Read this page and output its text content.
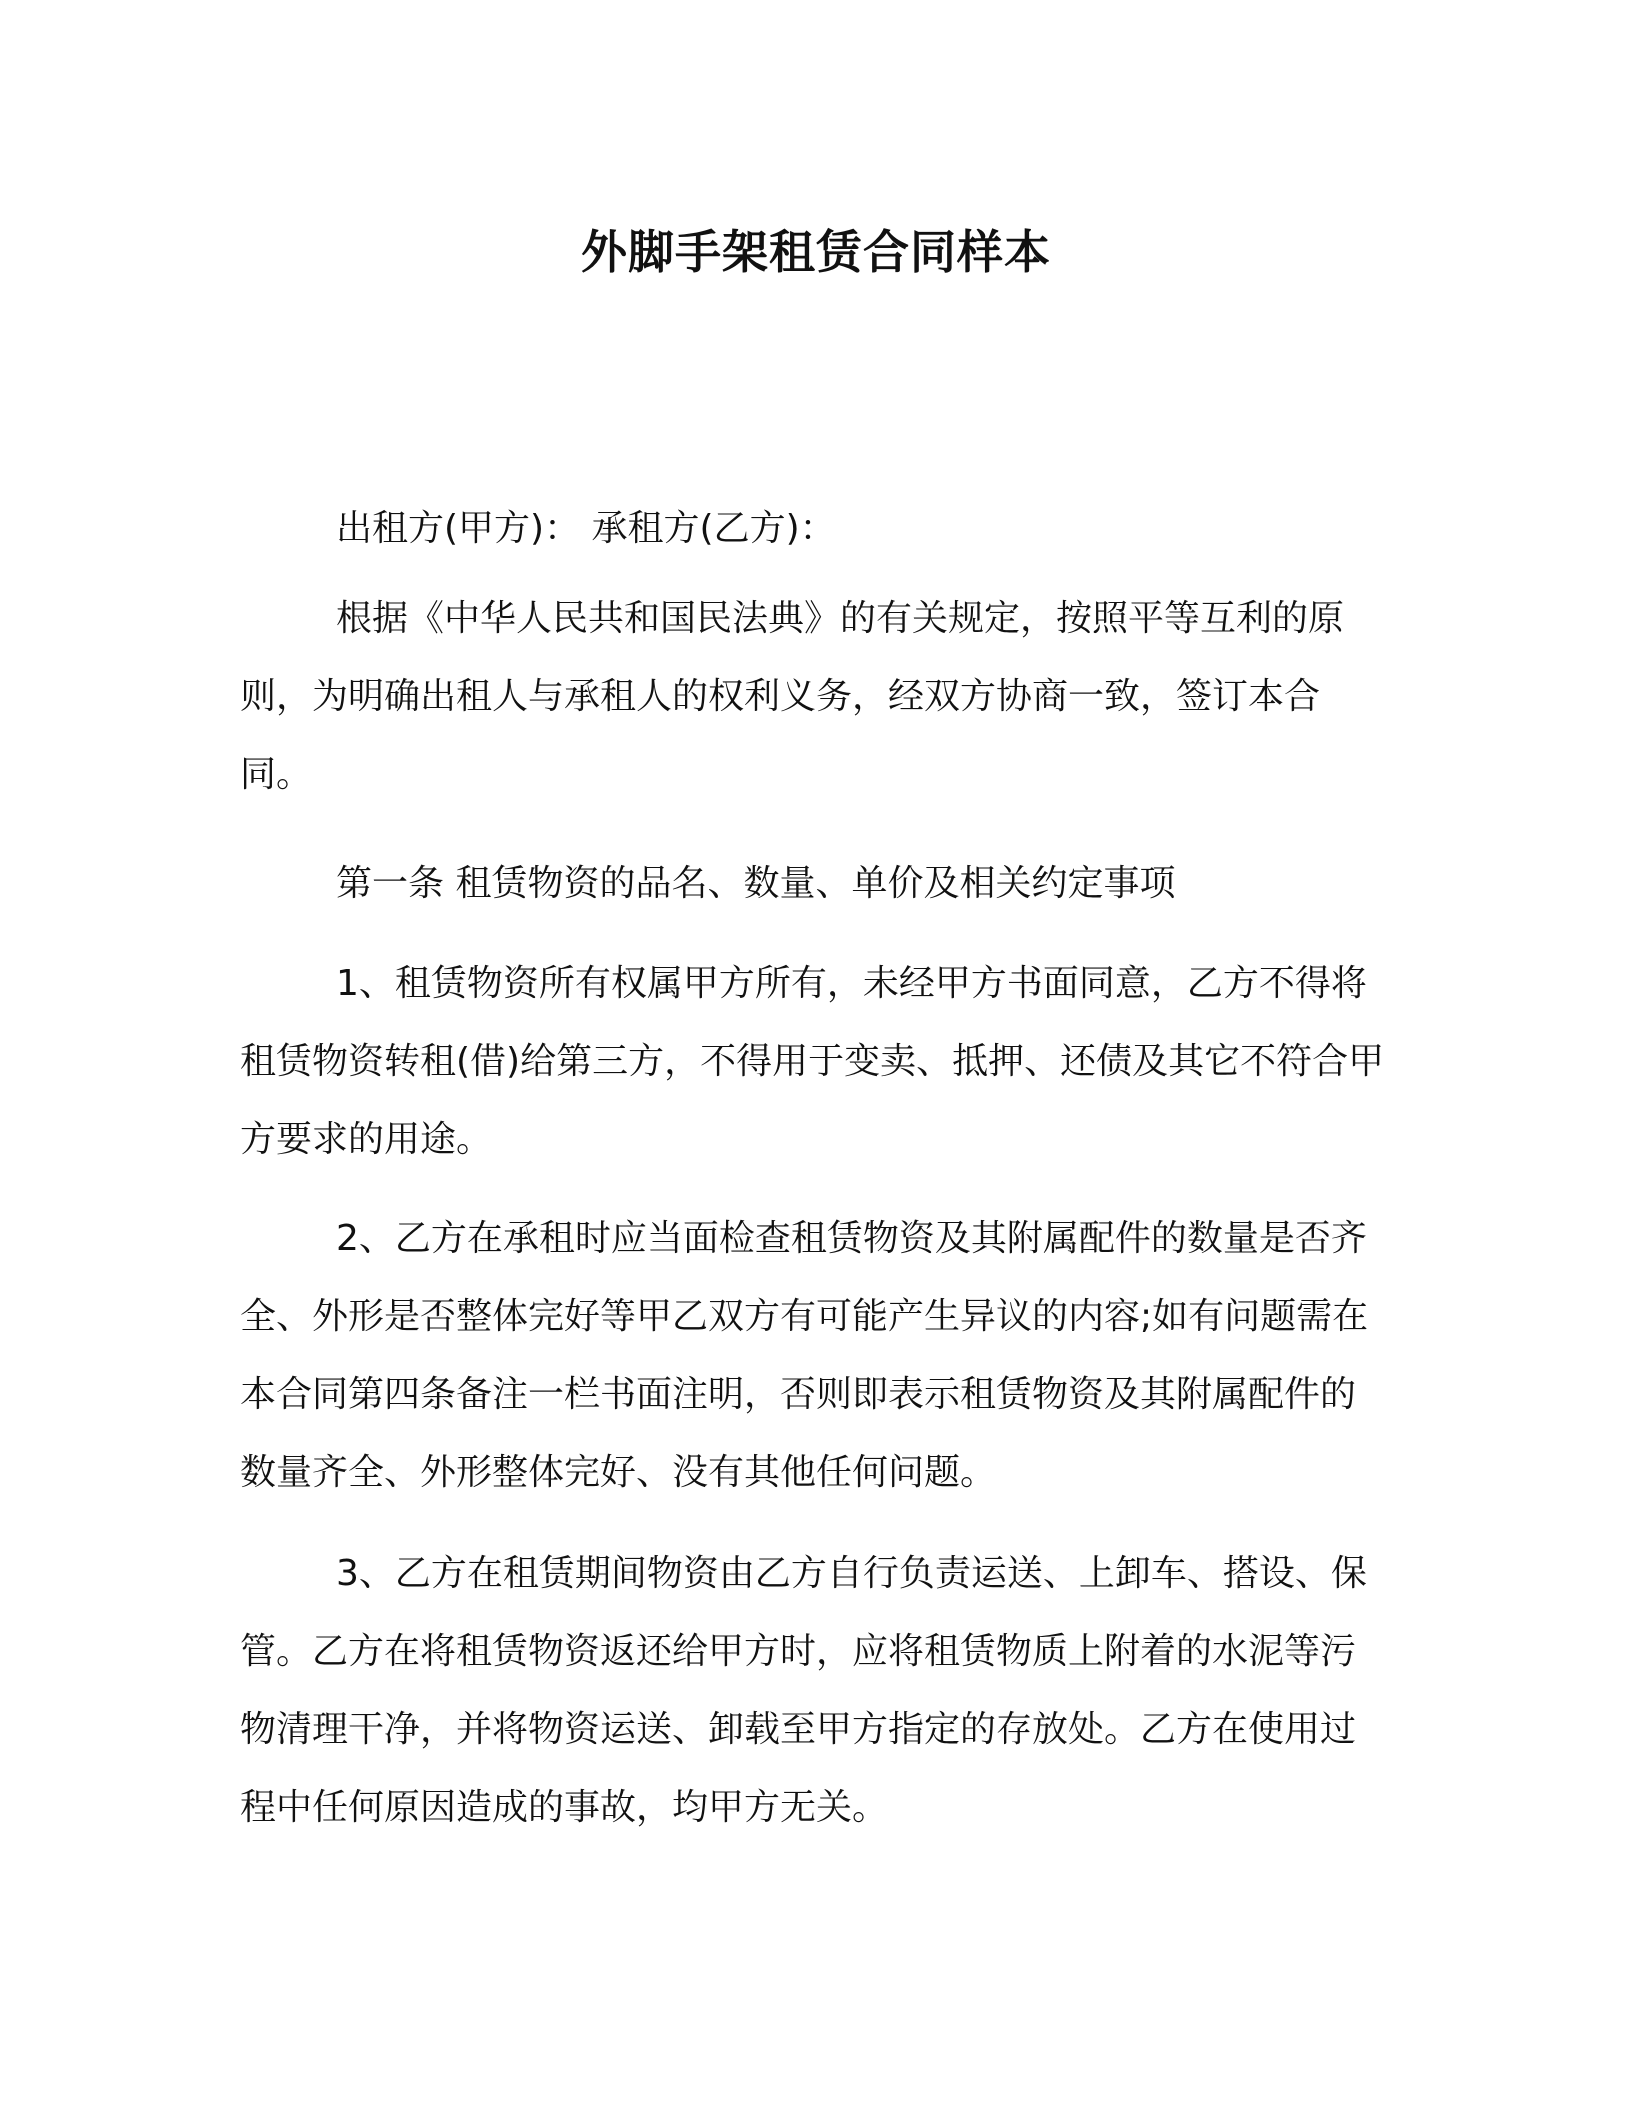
外脚手架租赁合同样本

出租方(甲方)： 承租方(乙方)：

根据《中华人民共和国民法典》的有关规定，按照平等互利的原则，为明确出租人与承租人的权利义务，经双方协商一致，签订本合同。

第一条 租赁物资的品名、数量、单价及相关约定事项

1、租赁物资所有权属甲方所有，未经甲方书面同意，乙方不得将租赁物资转租(借)给第三方，不得用于变卖、抵押、还债及其它不符合甲方要求的用途。

2、乙方在承租时应当面检查租赁物资及其附属配件的数量是否齐全、外形是否整体完好等甲乙双方有可能产生异议的内容;如有问题需在本合同第四条备注一栏书面注明，否则即表示租赁物资及其附属配件的数量齐全、外形整体完好、没有其他任何问题。

3、乙方在租赁期间物资由乙方自行负责运送、上卸车、搭设、保管。乙方在将租赁物资返还给甲方时，应将租赁物质上附着的水泥等污物清理干净，并将物资运送、卸载至甲方指定的存放处。乙方在使用过程中任何原因造成的事故，均甲方无关。
